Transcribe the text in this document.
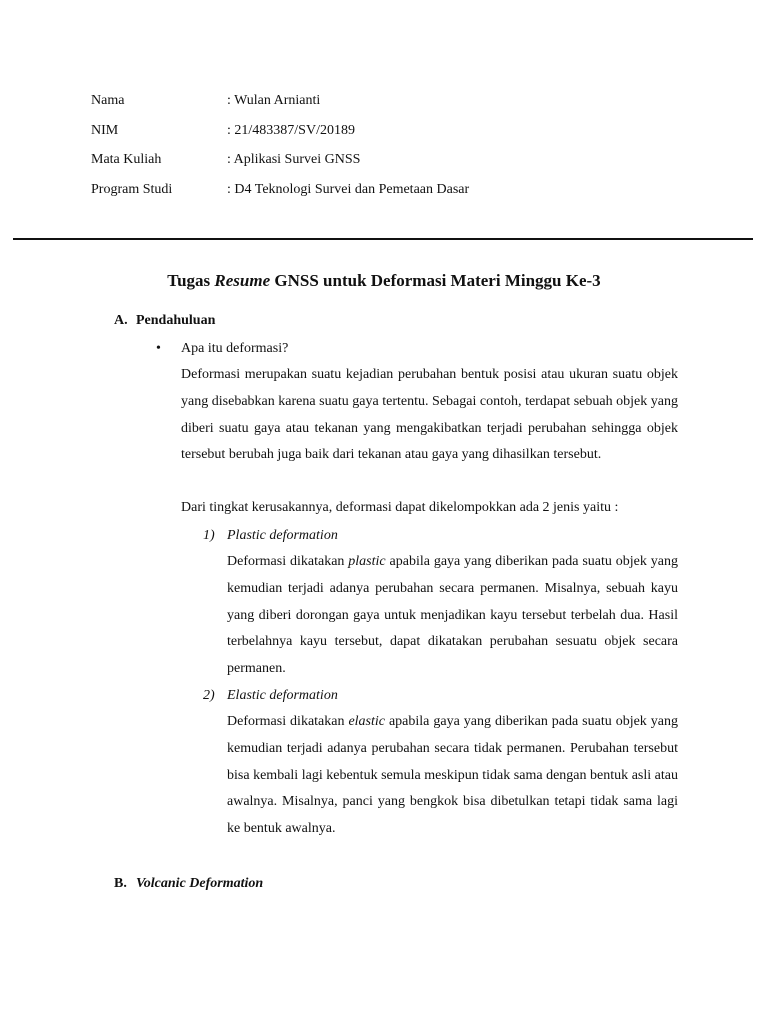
Nama	: Wulan Arnianti
NIM	: 21/483387/SV/20189
Mata Kuliah	: Aplikasi Survei GNSS
Program Studi	: D4 Teknologi Survei dan Pemetaan Dasar
Tugas Resume GNSS untuk Deformasi Materi Minggu Ke-3
A. Pendahuluan
• Apa itu deformasi?
Deformasi merupakan suatu kejadian perubahan bentuk posisi atau ukuran suatu objek yang disebabkan karena suatu gaya tertentu. Sebagai contoh, terdapat sebuah objek yang diberi suatu gaya atau tekanan yang mengakibatkan terjadi perubahan sehingga objek tersebut berubah juga baik dari tekanan atau gaya yang dihasilkan tersebut.
Dari tingkat kerusakannya, deformasi dapat dikelompokkan ada 2 jenis yaitu :
1) Plastic deformation
Deformasi dikatakan plastic apabila gaya yang diberikan pada suatu objek yang kemudian terjadi adanya perubahan secara permanen. Misalnya, sebuah kayu yang diberi dorongan gaya untuk menjadikan kayu tersebut terbelah dua. Hasil terbelahnya kayu tersebut, dapat dikatakan perubahan sesuatu objek secara permanen.
2) Elastic deformation
Deformasi dikatakan elastic apabila gaya yang diberikan pada suatu objek yang kemudian terjadi adanya perubahan secara tidak permanen. Perubahan tersebut bisa kembali lagi kebentuk semula meskipun tidak sama dengan bentuk asli atau awalnya. Misalnya, panci yang bengkok bisa dibetulkan tetapi tidak sama lagi ke bentuk awalnya.
B. Volcanic Deformation
